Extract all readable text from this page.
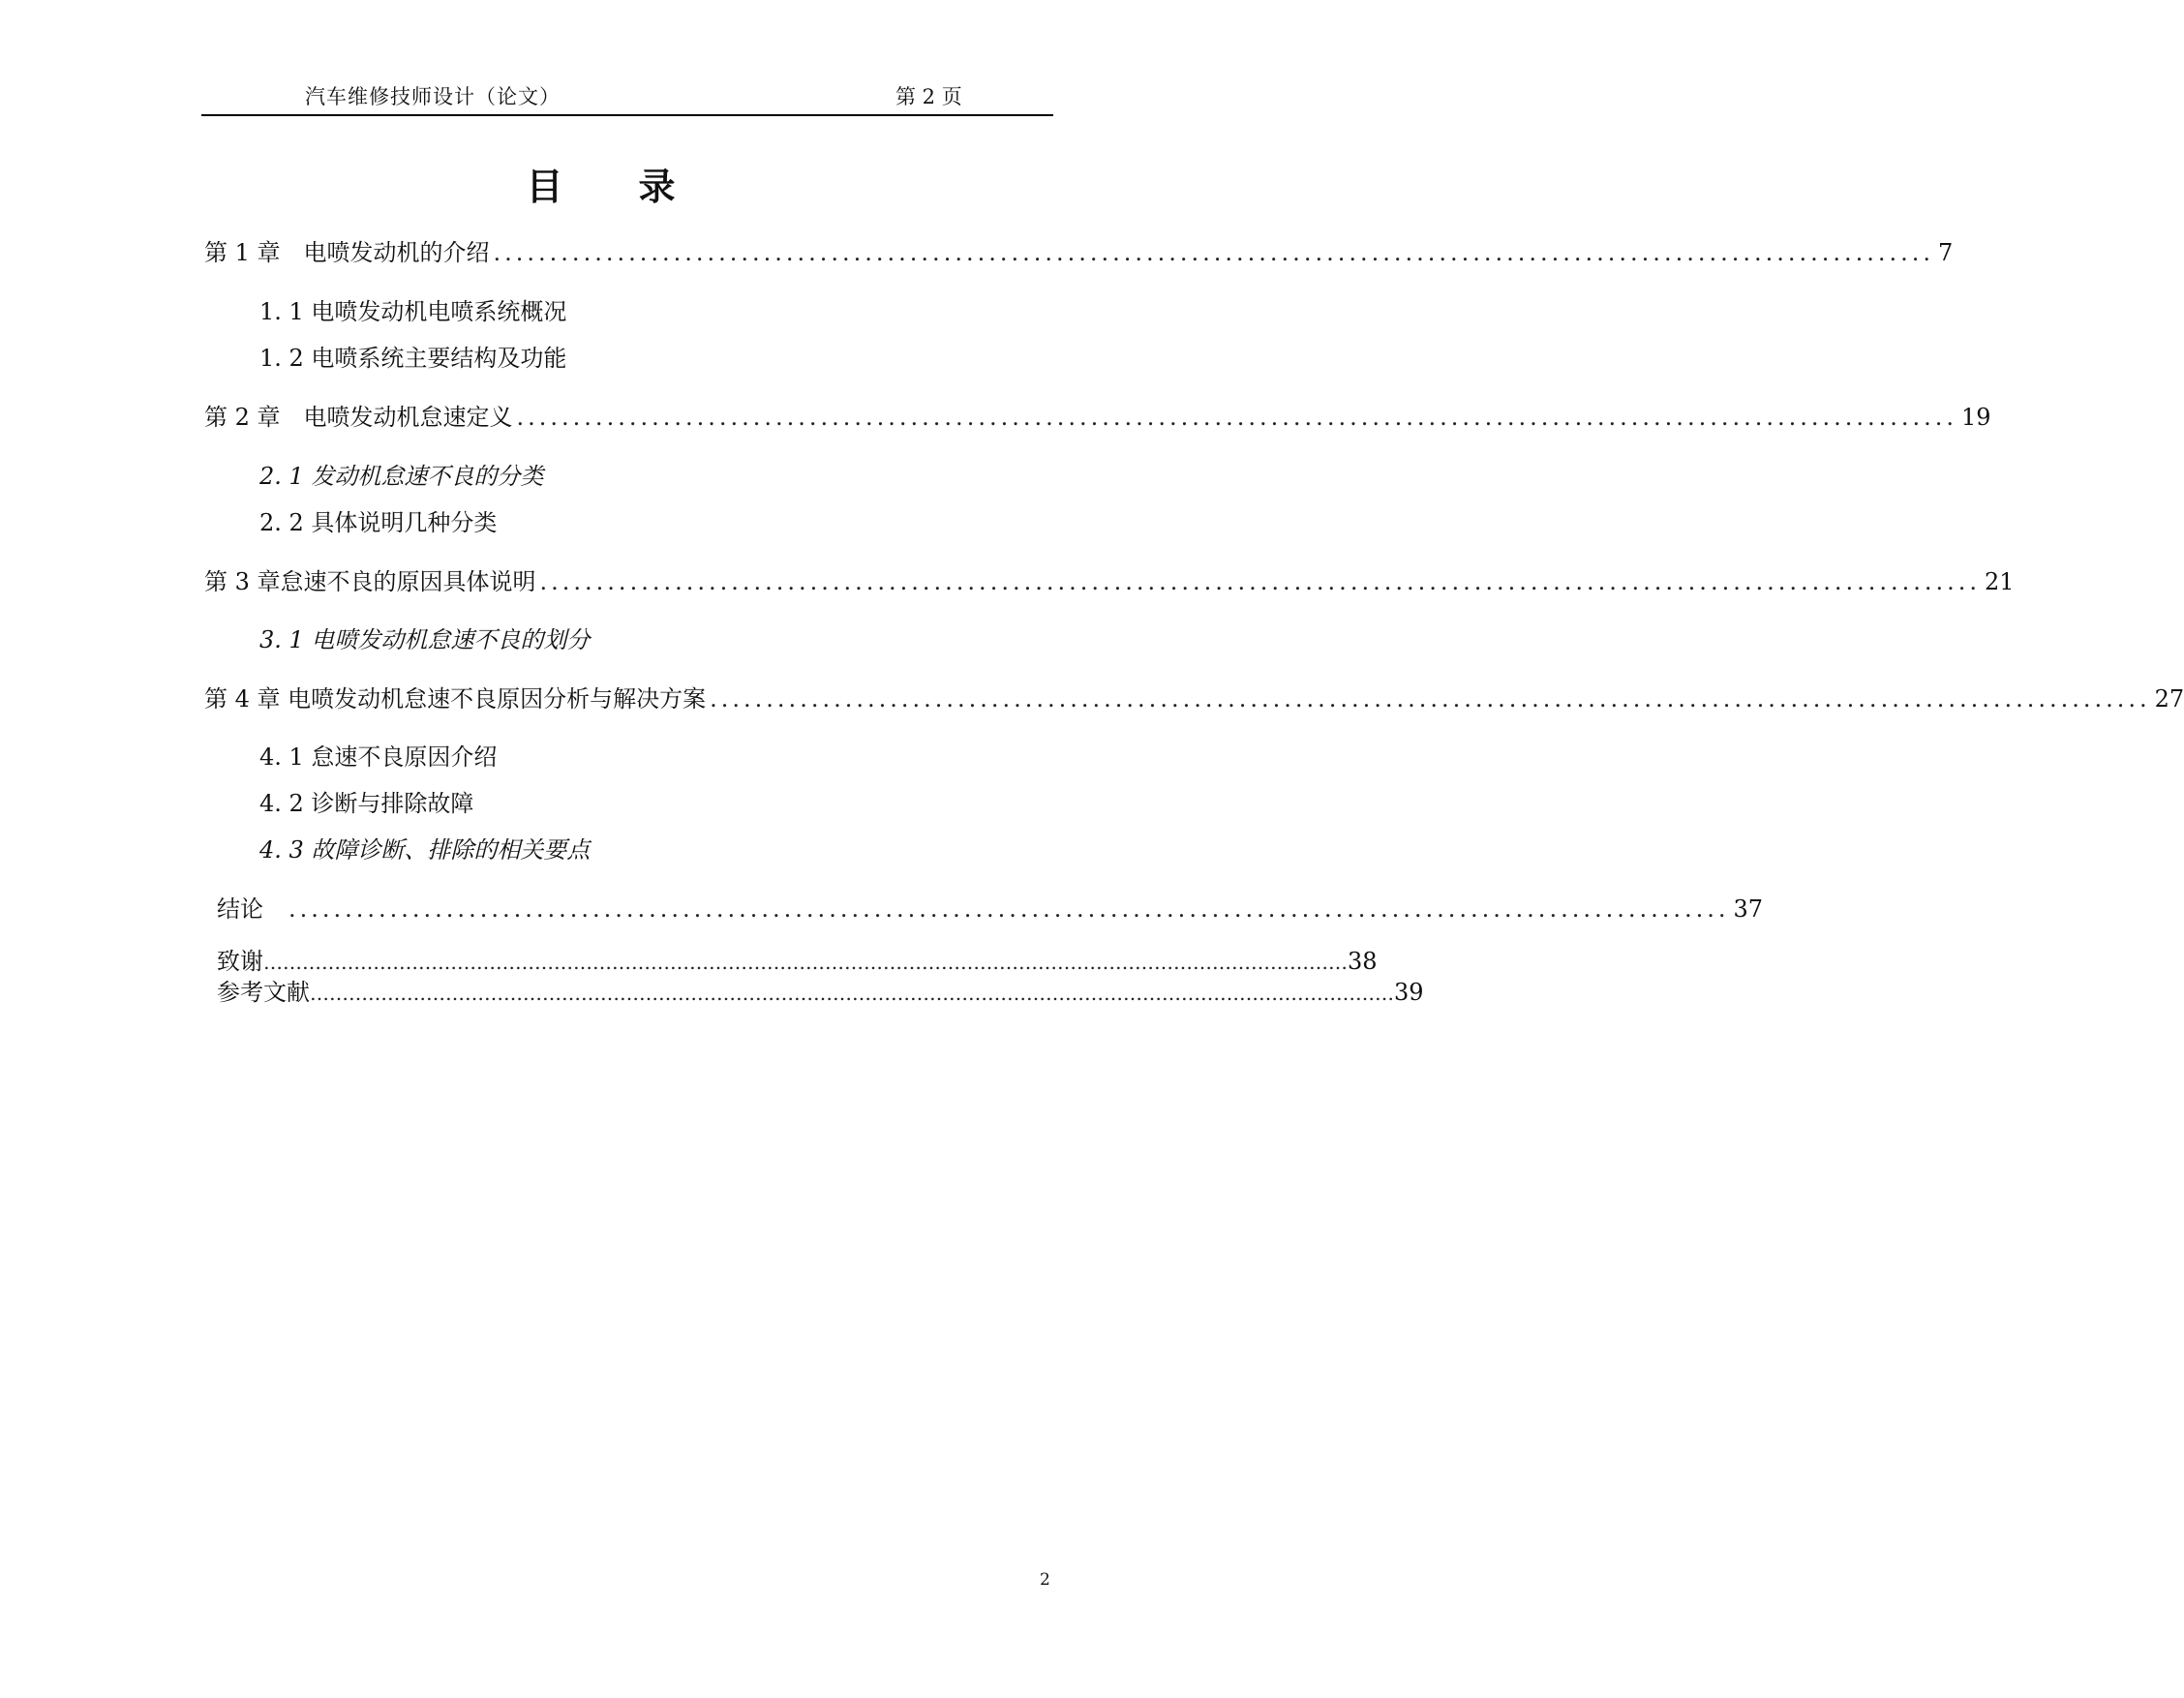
汽车维修技师设计（论文）	第 2 页
目 录
第 1 章　电喷发动机的介绍 ................................................................................................................................ 7
1. 1 电喷发动机电喷系统概况
1. 2 电喷系统主要结构及功能
第 2 章　电喷发动机怠速定义 ................................................................................................................................ 19
2. 1 发动机怠速不良的分类
2. 2 具体说明几种分类
第 3 章怠速不良的原因具体说明 ................................................................................................................................ 21
3. 1 电喷发动机怠速不良的划分
第 4 章 电喷发动机怠速不良原因分析与解决方案 ................................................................................................................................ 27
4. 1 怠速不良原因介绍
4. 2 诊断与排除故障
4. 3 故障诊断、排除的相关要点
结论 ................................................................................................................................ 37
致谢 …………………………………………………………………………………………………………………………………………………… 38
参考文献 …………………………………………………………………………………………………………………………………………………… 39
2
